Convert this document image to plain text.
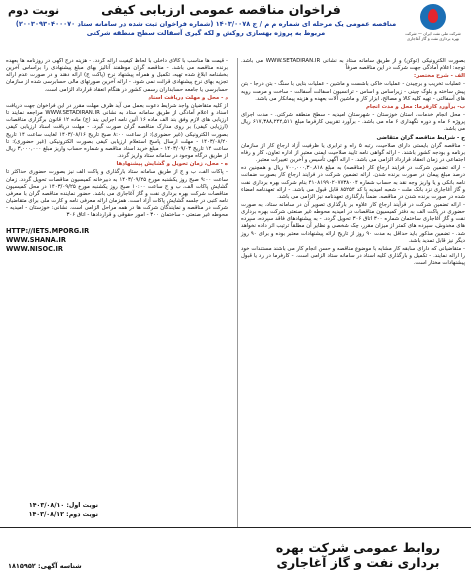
شرکت ملی نفت ایران — شرکت بهره برداری نفت و گاز آغاجاری
فراخوان مناقصه عمومی ارزیابی کیفی
نوبت دوم
مناقصه عمومی یک مرحله ای شماره م م / ج ۱۴۰۳/۰۰۷۸ (شماره فراخوان ثبت شده در سامانه ستاد ۲۰۰۳۰۹۳۰۴۰۰۰۷۰) مربوط به پروژه بهسازی روکش و لکه گیری آسفالت سطح منطقه شرکتی

بصورت الکترونیکی (توکن) و از طریق سامانه ستاد به نشانی WWW.SETADIRAN.IR می باشد. توجه: اعلام آمادگی جهت شرکت در این مناقصه صرفاً

الف - شرح مختصر:

- عملیات تخریب و برچیدن - عملیات خاکی باشست و ماشین - عملیات بنایی با سنگ - بتن درجا - بتن پیش ساخته و بلوک چینی - زیراساس و اساس - ترانسیون اسفالت آسفالت - ساخت و مرمت رویه های آسفالتی - تهیه کلیه کالا و مصالح، ابزار کار و ماشین آلات بعهده و هزینه پیمانکار می باشد.

ب- برآورد کارفرما: محل و مدت انجام

- محل انجام خدمات، استان خوزستان - شهرستان امیدیه - سطح منطقه شرکتی. - مدت اجرای پروژه ۶ ماه و دوره نگهداری ۶ ماه می باشد. - برآورد تقریبی کارفرما مبلغ ۶۱۷,۳۸۸,۲۴۲,۵۱۱ ریال می باشد.

ج - شرایط مناقصه گران متقاضی

- مناقصه گران بایستی دارای صلاحیت، رتبه ۵ راه و ترابری یا ظرفیت آزاد ارجاع کار از سازمان برنامه و بودجه کشور باشند. - ارائه گواهی نامه تایید صلاحیت ایمنی معتبر از اداره تعاون، کار و رفاه اجتماعی در زمان انعقاد قرارداد الزامی می باشد. - ارائه آگهی تأسیس و آخرین تغییرات معتبر.

- ارائه تضمین شرکت در فرایند ارجاع کار (مناقصه) به مبلغ ۷۰۰,۰۰۰,۳۰,۸۱۸ ریال و همچنین ده درصد مبلغ پیمان در صورت برنده شدن. ارائه تضمین شرکت در فرایند ارجاع کار بصورت ضمانت نامه بانکی و یا واریز وجه نقد به حساب شماره ۴۱۰۸۱۹۹۰۲۰۷۷۳۸۰۰۴ بنام شرکت بهره برداری نفت و گاز آغاجاری نزد بانک ملت - شعبه امیدیه با کد ۸۵۲۵۴ قابل قبول می باشد. - ارائه تعهدنامه امضاء شده در صورت برنده شدن در مناقصه. ضمناً بارگذاری تعهدنامه نیز الزامی می باشد.

- ارائه تضمین شرکت در فرآیند ارجاع کار علاوه بر بارگذاری تصویر آن در سامانه ستاد، به صورت حضوری در پاکت الف به دفتر کمیسیون مناقصات در امیدیه محوطه غیر صنعتی شرکت بهره برداری نفت و گاز آغاجاری ساختمان شماره ۳۰۰ اتاق ۳۰۶ تحویل گردد. - به پیشنهادهای فاقد سپرده، سپرده های مخدوش، سپرده های کمتر از میزان مقرر، چک شخصی و نظایر آن مطلقاً ترتیب اثر داده نخواهد شد. - تضمین مذکور باید حداقل به مدت ۹۰ روز از تاریخ ارائه پیشنهادات معتبر بوده و برای ۹۰ روز دیگر نیز قابل تمدید باشد.

- متقاضیانی که دارای سابقه کار مشابه با موضوع مناقصه و حسن انجام کار می باشند مستندات خود را ارائه نمایند. - تکمیل و بارگذاری کلیه اسناد در سامانه ستاد الزامی است. - کارفرما در رد یا قبول پیشنهادات مختار است.

- قیمت ها مناسب با کالای داخلی با لحاظ کیفیت ارائه گردد. - هزینه درج آگهی در روزنامه ها بعهده برنده مناقصه می باشد. - مناقصه گران موظفند آنالیز بهای مبلغ پیشنهادی را براساس آخرین بخشنامه ابلاغ شده تهیه، تکمیل و همراه پیشنهاد نرخ (پاکت ج) ارائه دهند و در صورت عدم ارائه تجزیه بهای نرخ پیشنهادی قرائت نمی شود. - ارائه آخرین صورتهای مالی حسابرسی شده از سازمان حسابرسی یا جامعه حسابداران رسمی کشور در هنگام انعقاد قرارداد الزامی است.

د - محل و مهلت دریافت اسناد

از کلیه متقاضیان واجد شرایط دعوت بعمل می آید ظرف مهلت مقرر در این فراخوان جهت دریافت اسناد و اعلام آمادگی از طریق سامانه ستاد به نشانی WWW.SETADIRAN.IR مراجعه نمایند تا ارزیابی های لازم وفق بند الف ماده ۱۶ آئین نامه اجرایی بند (ج) ماده ۱۲ قانون برگزاری مناقصات (ارزیابی کیفی) بر روی مدارک مناقصه گران صورت گیرد. - مهلت دریافت اسناد ارزیابی کیفی بصورت الکترونیکی (غیر حضوری): از ساعت ۸:۰۰ صبح تاریخ ۱۴۰۳/۰۸/۱۶ لغایت ساعت ۱۴ تاریخ ۱۴۰۳/۰۸/۲۰ - مهلت ارسال پاسخ استعلام ارزیابی کیفی بصورت الکترونیکی (غیر حضوری): تا ساعت ۱۴ تاریخ ۱۴۰۳/۰۹/۰۳ - مبلغ خرید اسناد مناقصه و شماره حساب واریز مبلغ ۳,۰۰۰,۰۰۰ ریال از طریق درگاه موجود در سامانه ستاد واریز گردد.

ه - محل، زمان تحویل و گشایش پیشنهادها

- پاکات الف، ب و ج از طریق سامانه ستاد بارگذاری و پاکت الف نیز بصورت حضوری حداکثر تا ساعت ۹:۰۰ صبح روز یکشنبه مورخ ۱۴۰۳/۰۹/۲۵ به دبیرخانه کمیسیون مناقصات تحویل گردد. زمان گشایش پاکات الف، ب و ج ساعت ۱۰:۰۰ صبح روز یکشنبه مورخ ۱۴۰۳/۰۹/۲۵ در محل کمیسیون مناقصات شرکت بهره برداری نفت و گاز آغاجاری می باشد. حضور نماینده مناقصه گران با معرفی نامه کتبی در جلسه گشایش پاکات آزاد است. همزمان ارائه معرفی نامه و کارت ملی برای متقاضیان شرکت در مناقصه و نمایندگان شرکت ها در همه مراحل الزامی است. نشانی: خوزستان - امیدیه - محوطه غیر صنعتی - ساختمان ۳۰۰ - امور حقوقی و قراردادها - اتاق ۳۰۶

HTTP://IETS.MPORG.IR
WWW.SHANA.IR
WWW.NISOC.IR
نوبت اول: ۱۴۰۳/۰۸/۱۰
نوبت دوم: ۱۴۰۳/۰۸/۱۲
روابط عمومی شرکت بهره برداری نفت و گاز آغاجاری
شناسه آگهی: ۱۸۱۵۹۵۲
